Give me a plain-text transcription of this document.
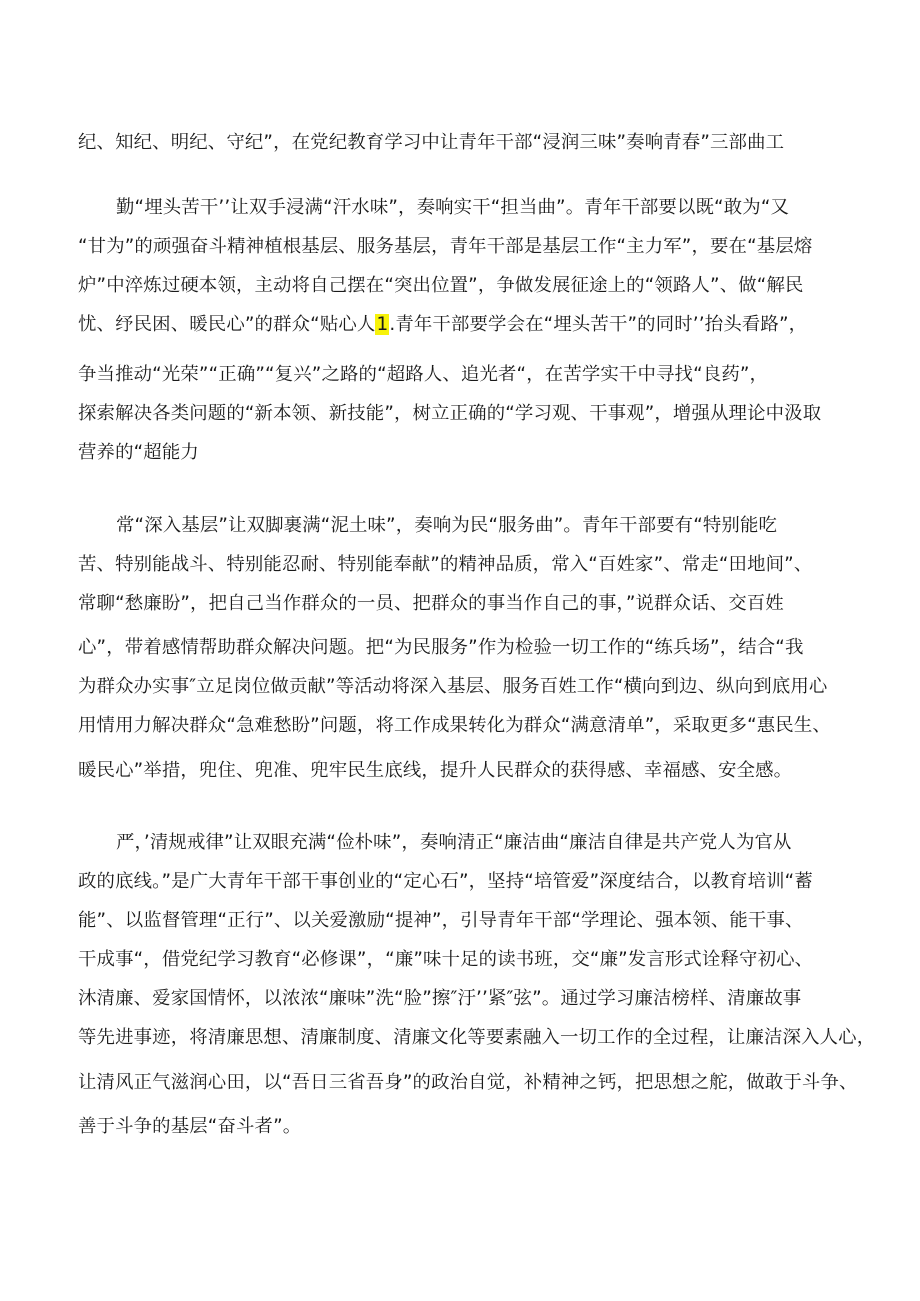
纪、知纪、明纪、守纪”，在党纪教育学习中让青年干部“浸润三味”奏响青春”三部曲工
勤“埋头苦干’’让双手浸满“汗水味”，奏响实干“担当曲”。青年干部要以既“敢为“又
“甘为”的顽强奋斗精神植根基层、服务基层，青年干部是基层工作“主力军”，要在“基层熔
炉”中淬炼过硬本领，主动将自己摆在“突出位置”，争做发展征途上的“领路人”、做“解民
忧、纾民困、暖民心”的群众“贴心人1.青年干部要学会在“埋头苦干”的同时’’抬头看路”，
争当推动“光荣”“正确”“复兴”之路的“超路人、追光者“，在苦学实干中寻找“良药”，
探索解决各类问题的“新本领、新技能”，树立正确的“学习观、干事观”，增强从理论中汲取
营养的“超能力
常“深入基层”让双脚裹满“泥土味”，奏响为民“服务曲”。青年干部要有“特别能吃
苦、特别能战斗、特别能忍耐、特别能奉献”的精神品质，常入“百姓家”、常走“田地间”、
常聊“愁廉盼”，把自己当作群众的一员、把群众的事当作自己的事，”说群众话、交百姓
心”，带着感情帮助群众解决问题。把“为民服务”作为检验一切工作的“练兵场”，结合“我
为群众办实事″立足岗位做贡献”等活动将深入基层、服务百姓工作“横向到边、纵向到底用心
用情用力解决群众“急难愁盼”问题，将工作成果转化为群众“满意清单”，采取更多“惠民生、
暖民心”举措，兜住、兜准、兜牢民生底线，提升人民群众的获得感、幸福感、安全感。
严，’清规戒律”让双眼充满“俭朴味”，奏响清正“廉洁曲“廉洁自律是共产党人为官从
政的底线。”是广大青年干部干事创业的“定心石”，坚持“培管爱”深度结合，以教育培训“蓄
能”、以监督管理“正行”、以关爱激励“提神”，引导青年干部“学理论、强本领、能干事、
干成事“，借党纪学习教育“必修课”，“廉”味十足的读书班，交“廉”发言形式诠释守初心、
沐清廉、爱家国情怀，以浓浓“廉味”洗“脸”擦″汙’’紧″弦”。通过学习廉洁榜样、清廉故事
等先进事迹，将清廉思想、清廉制度、清廉文化等要素融入一切工作的全过程，让廉洁深入人心，
让清风正气滋润心田，以“吾日三省吾身”的政治自觉，补精神之钙，把思想之舵，做敢于斗争、
善于斗争的基层“奋斗者”。
